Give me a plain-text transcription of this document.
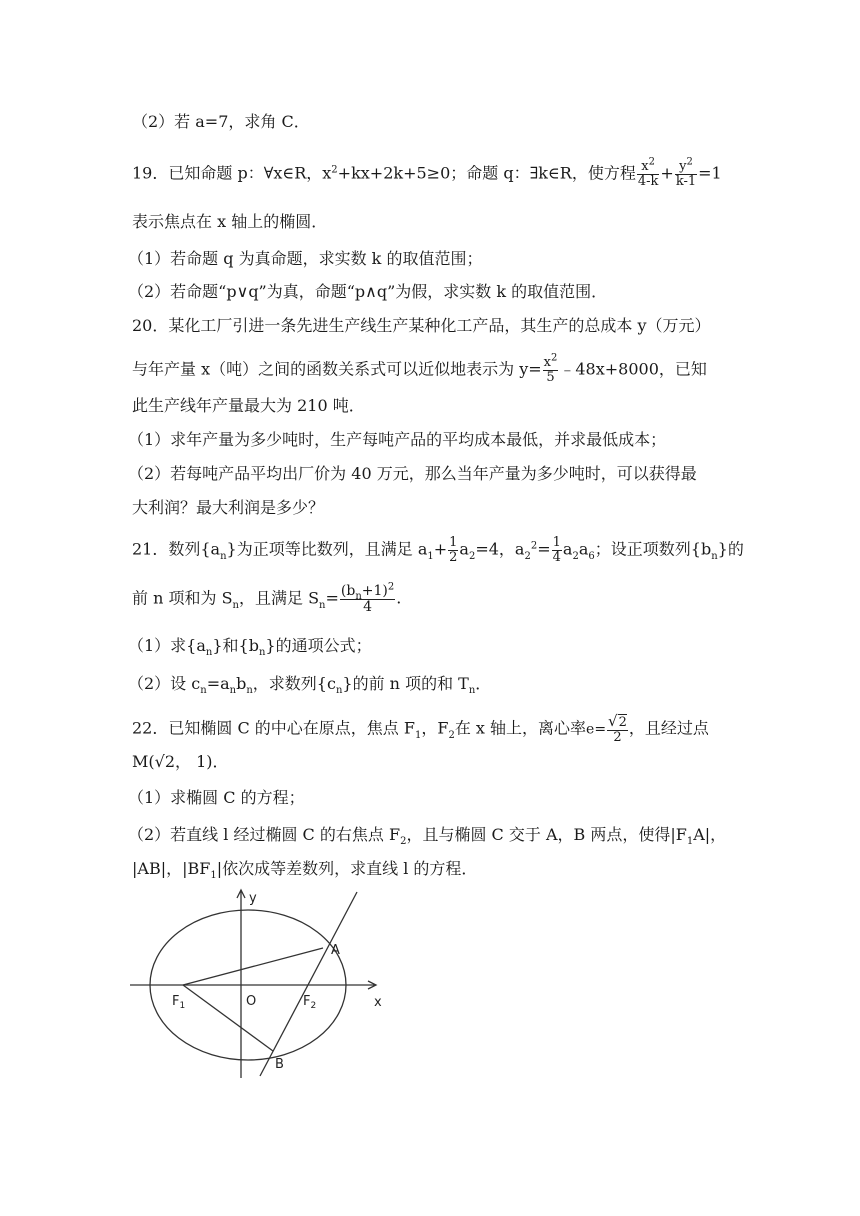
（2）若 a=7，求角 C．
19．已知命题 p：∀x∈R，$x^2+kx+2k+5\ge 0$；命题 q：∃k∈R，使方程 $\frac{x^2}{4-k} + \frac{y^2}{k-1} =1$
表示焦点在 x 轴上的椭圆．
（1）若命题 q 为真命题，求实数 k 的取值范围；
（2）若命题“p∨q”为真，命题“p∧q”为假，求实数 k 的取值范围．
20．某化工厂引进一条先进生产线生产某种化工产品，其生产的总成本 y（万元）
与年产量 x（吨）之间的函数关系式可以近似地表示为 $y= \frac{x^2}{5}$ ﹣48x+8000，已知
此生产线年产量最大为 210 吨．
（1）求年产量为多少吨时，生产每吨产品的平均成本最低，并求最低成本；
（2）若每吨产品平均出厂价为 40 万元，那么当年产量为多少吨时，可以获得最
大利润？最大利润是多少？
21．数列$\{a_n\}$为正项等比数列，且满足 $a_1+ \frac{1}{2} a_2=4$，$a_2^2= \frac{1}{4} a_2a_6$；设正项数列$\{b_n\}$的
前 n 项和为 $S_n$，且满足 $S_n= \frac{(b_n+1)^2}{4}$ .
（1）求$\{a_n\}$和$\{b_n\}$的通项公式；
（2）设 $c_n=a_nb_n$，求数列$\{c_n\}$的前 n 项的和 $T_n$．
22．已知椭圆 C 的中心在原点，焦点 $F_1$，$F_2$在 x 轴上，离心率$e= \frac{√2}{2}$ ，且经过点
M(√2， 1)．
（1）求椭圆 C 的方程；
（2）若直线 l 经过椭圆 C 的右焦点 $F_2$，且与椭圆 C 交于 A，B 两点，使得$|F_1A|$，
|AB|，$|BF_1|$依次成等差数列，求直线 l 的方程．
y
x
O
A
B
$F_1$	$F_2$
